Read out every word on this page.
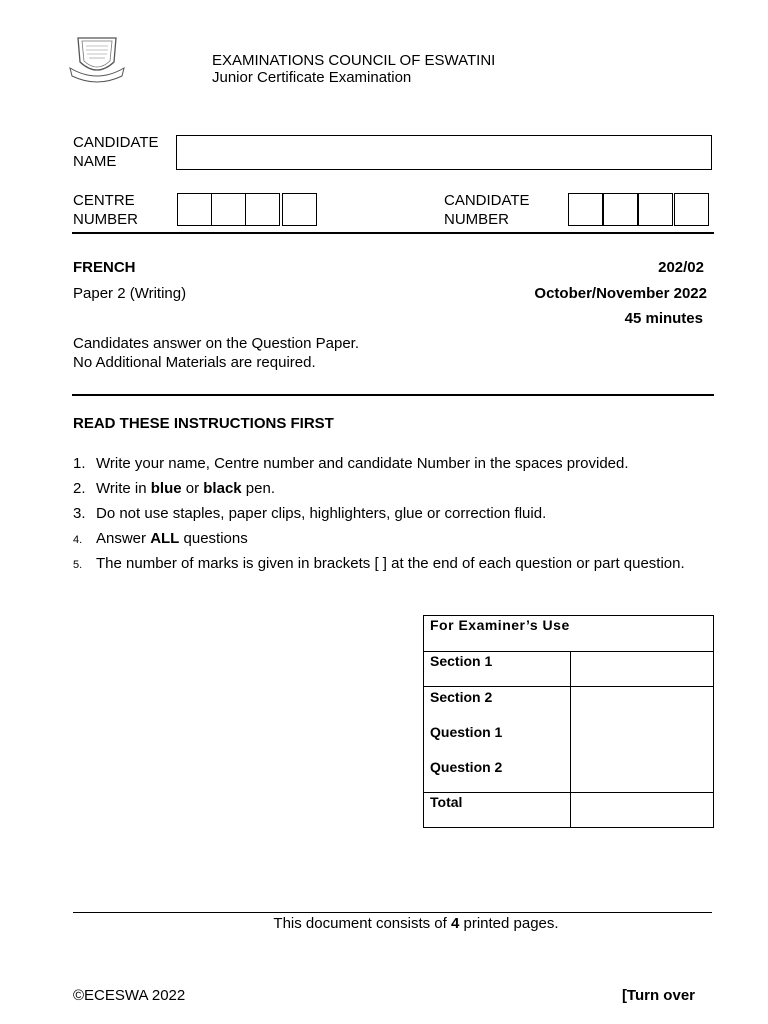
EXAMINATIONS COUNCIL OF ESWATINI
Junior Certificate Examination
CANDIDATE
NAME
CENTRE
NUMBER
CANDIDATE
NUMBER
FRENCH	202/02
Paper 2 (Writing)	October/November 2022
45 minutes
Candidates answer on the Question Paper.
No Additional Materials are required.
READ THESE INSTRUCTIONS FIRST
1. Write your name, Centre number and candidate Number in the spaces provided.
2. Write in blue or black pen.
3. Do not use staples, paper clips, highlighters, glue or correction fluid.
4. Answer ALL questions
5. The number of marks is given in brackets [ ] at the end of each question or part question.
For Examiner’s Use	
Section 1	

Section 2
Question 1
Question 2	

Total	
This document consists of 4 printed pages.
©ECESWA 2022	[Turn over
